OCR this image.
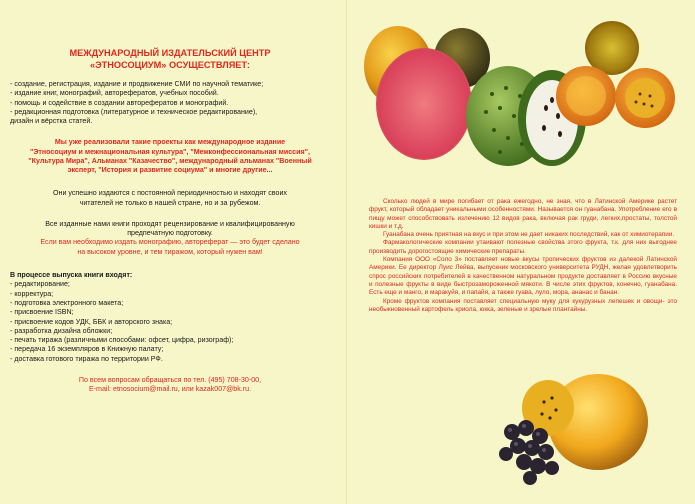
МЕЖДУНАРОДНЫЙ ИЗДАТЕЛЬСКИЙ ЦЕНТР
«ЭТНОСОЦИУМ» ОСУЩЕСТВЛЯЕТ:
- создание, регистрация, издание и продвижение СМИ по научной тематике;
- издание книг, монографий, авторефератов, учебных пособий.
- помощь и содействие в создании авторефератов и монографий.
- редакционная подготовка (литературное и техническое редактирование),
дизайн и вёрстка статей.
Мы уже реализовали такие проекты как международное издание
"Этносоциум и межнациональная культура", "Межконфессиональная миссия",
"Культура Мира", Альманах "Казачество", международный альманах "Военный
эксперт, "История и развитие социума" и многие другие...
Они успешно издаются с постоянной периодичностью и находят своих
читателей не только в нашей стране, но и за рубежом.
Все изданные нами книги проходят рецензирование и квалифицированную
предпечатную подготовку.
Если вам необходимо издать монографию, автореферат — это будет сделано
на высоком уровне, и тем тиражом, который нужен вам!
В процессе выпуска книги входят:
- редактирование;
- корректура;
- подготовка электронного макета;
- присвоение ISBN;
- присвоение кодов УДК, ББК и авторского знака;
- разработка дизайна обложки;
- печать тиража (различными способами: офсет, цифра, ризограф);
- передача 16 экземпляров в Книжную палату;
- доставка готового тиража по территории РФ.
По всем вопросам обращаться по тел. (495) 708-30-00,
E-mail: etnosocium@mail.ru, или kazak007@bk.ru.

Сколько людей в мире погибает от рака ежегодно, не зная, что в Латинской Америке растет фрукт, который обладает уникальными особенностями. Называется он гуанабана. Употребление его в пищу может способствовать излечению 12 видов рака, включая рак груди, легких,простаты, толстой кишки и т.д.

Гуанабана очень приятная на вкус и при этом не дает никаких последствий, как от химиотерапии.

Фармакологические компании утаивают полезные свойства этого фрукта, т.к. для них выгоднее производить дорогостоящие химические препараты.

Компания ООО «Соло 3» поставляет новые вкусы тропических фруктов из далекой Латинской Америки. Ее директор Луис Лейва, выпускник московского университета РУДН, желая удовлетворить спрос российских потребителей в качественном натуральном продукте доставляет в Россию вкусные и полезные фрукты в виде быстрозамороженной мякоти. В числе этих фруктов, конечно, гуанабана. Есть еще и манго, и маракуйя, и папайя, а также гуава, луло, мора, ананас и банан.

Кроме фруктов компания поставляет специальную муку для кукурузных лепешек и овощи- это необыкновенный картофель криола, юкка, зеленые и зрелые плантайны.
